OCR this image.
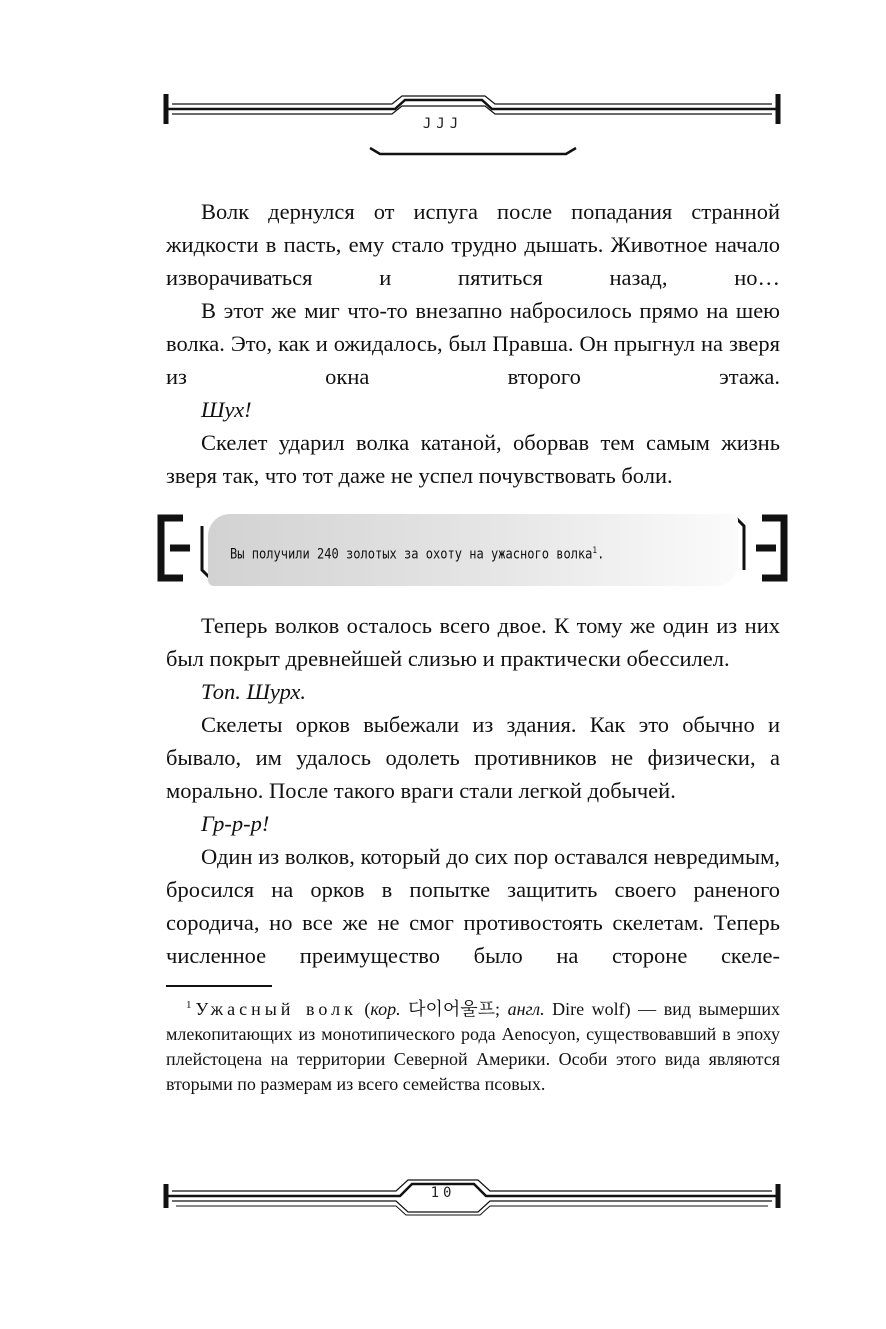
ЈЈЈ

Волк дернулся от испуга после попадания странной жидкости в пасть, ему стало трудно дышать. Животное начало изворачиваться и пятиться назад, но…

В этот же миг что-то внезапно набросилось прямо на шею волка. Это, как и ожидалось, был Правша. Он прыгнул на зверя из окна второго этажа.

Шух!

Скелет ударил волка катаной, оборвав тем самым жизнь зверя так, что тот даже не успел почувствовать боли.

Вы получили 240 золотых за охоту на ужасного волка$^1$.

Теперь волков осталось всего двое. К тому же один из них был покрыт древнейшей слизью и практически обессилел.

Топ. Шурх.

Скелеты орков выбежали из здания. Как это обычно и бывало, им удалось одолеть противников не физически, а морально. После такого враги стали легкой добычей.

Гр-р-р!

Один из волков, который до сих пор оставался невредимым, бросился на орков в попытке защитить своего раненого сородича, но все же не смог противостоять скелетам. Теперь численное преимущество было на стороне скеле-

$^1$ Ужасный волк (кор. 다이어울프; англ. Dire wolf) — вид вымерших млекопитающих из монотипического рода Aenocyon, существовавший в эпоху плейстоцена на территории Северной Америки. Особи этого вида являются вторыми по размерам из всего семейства псовых.

10
